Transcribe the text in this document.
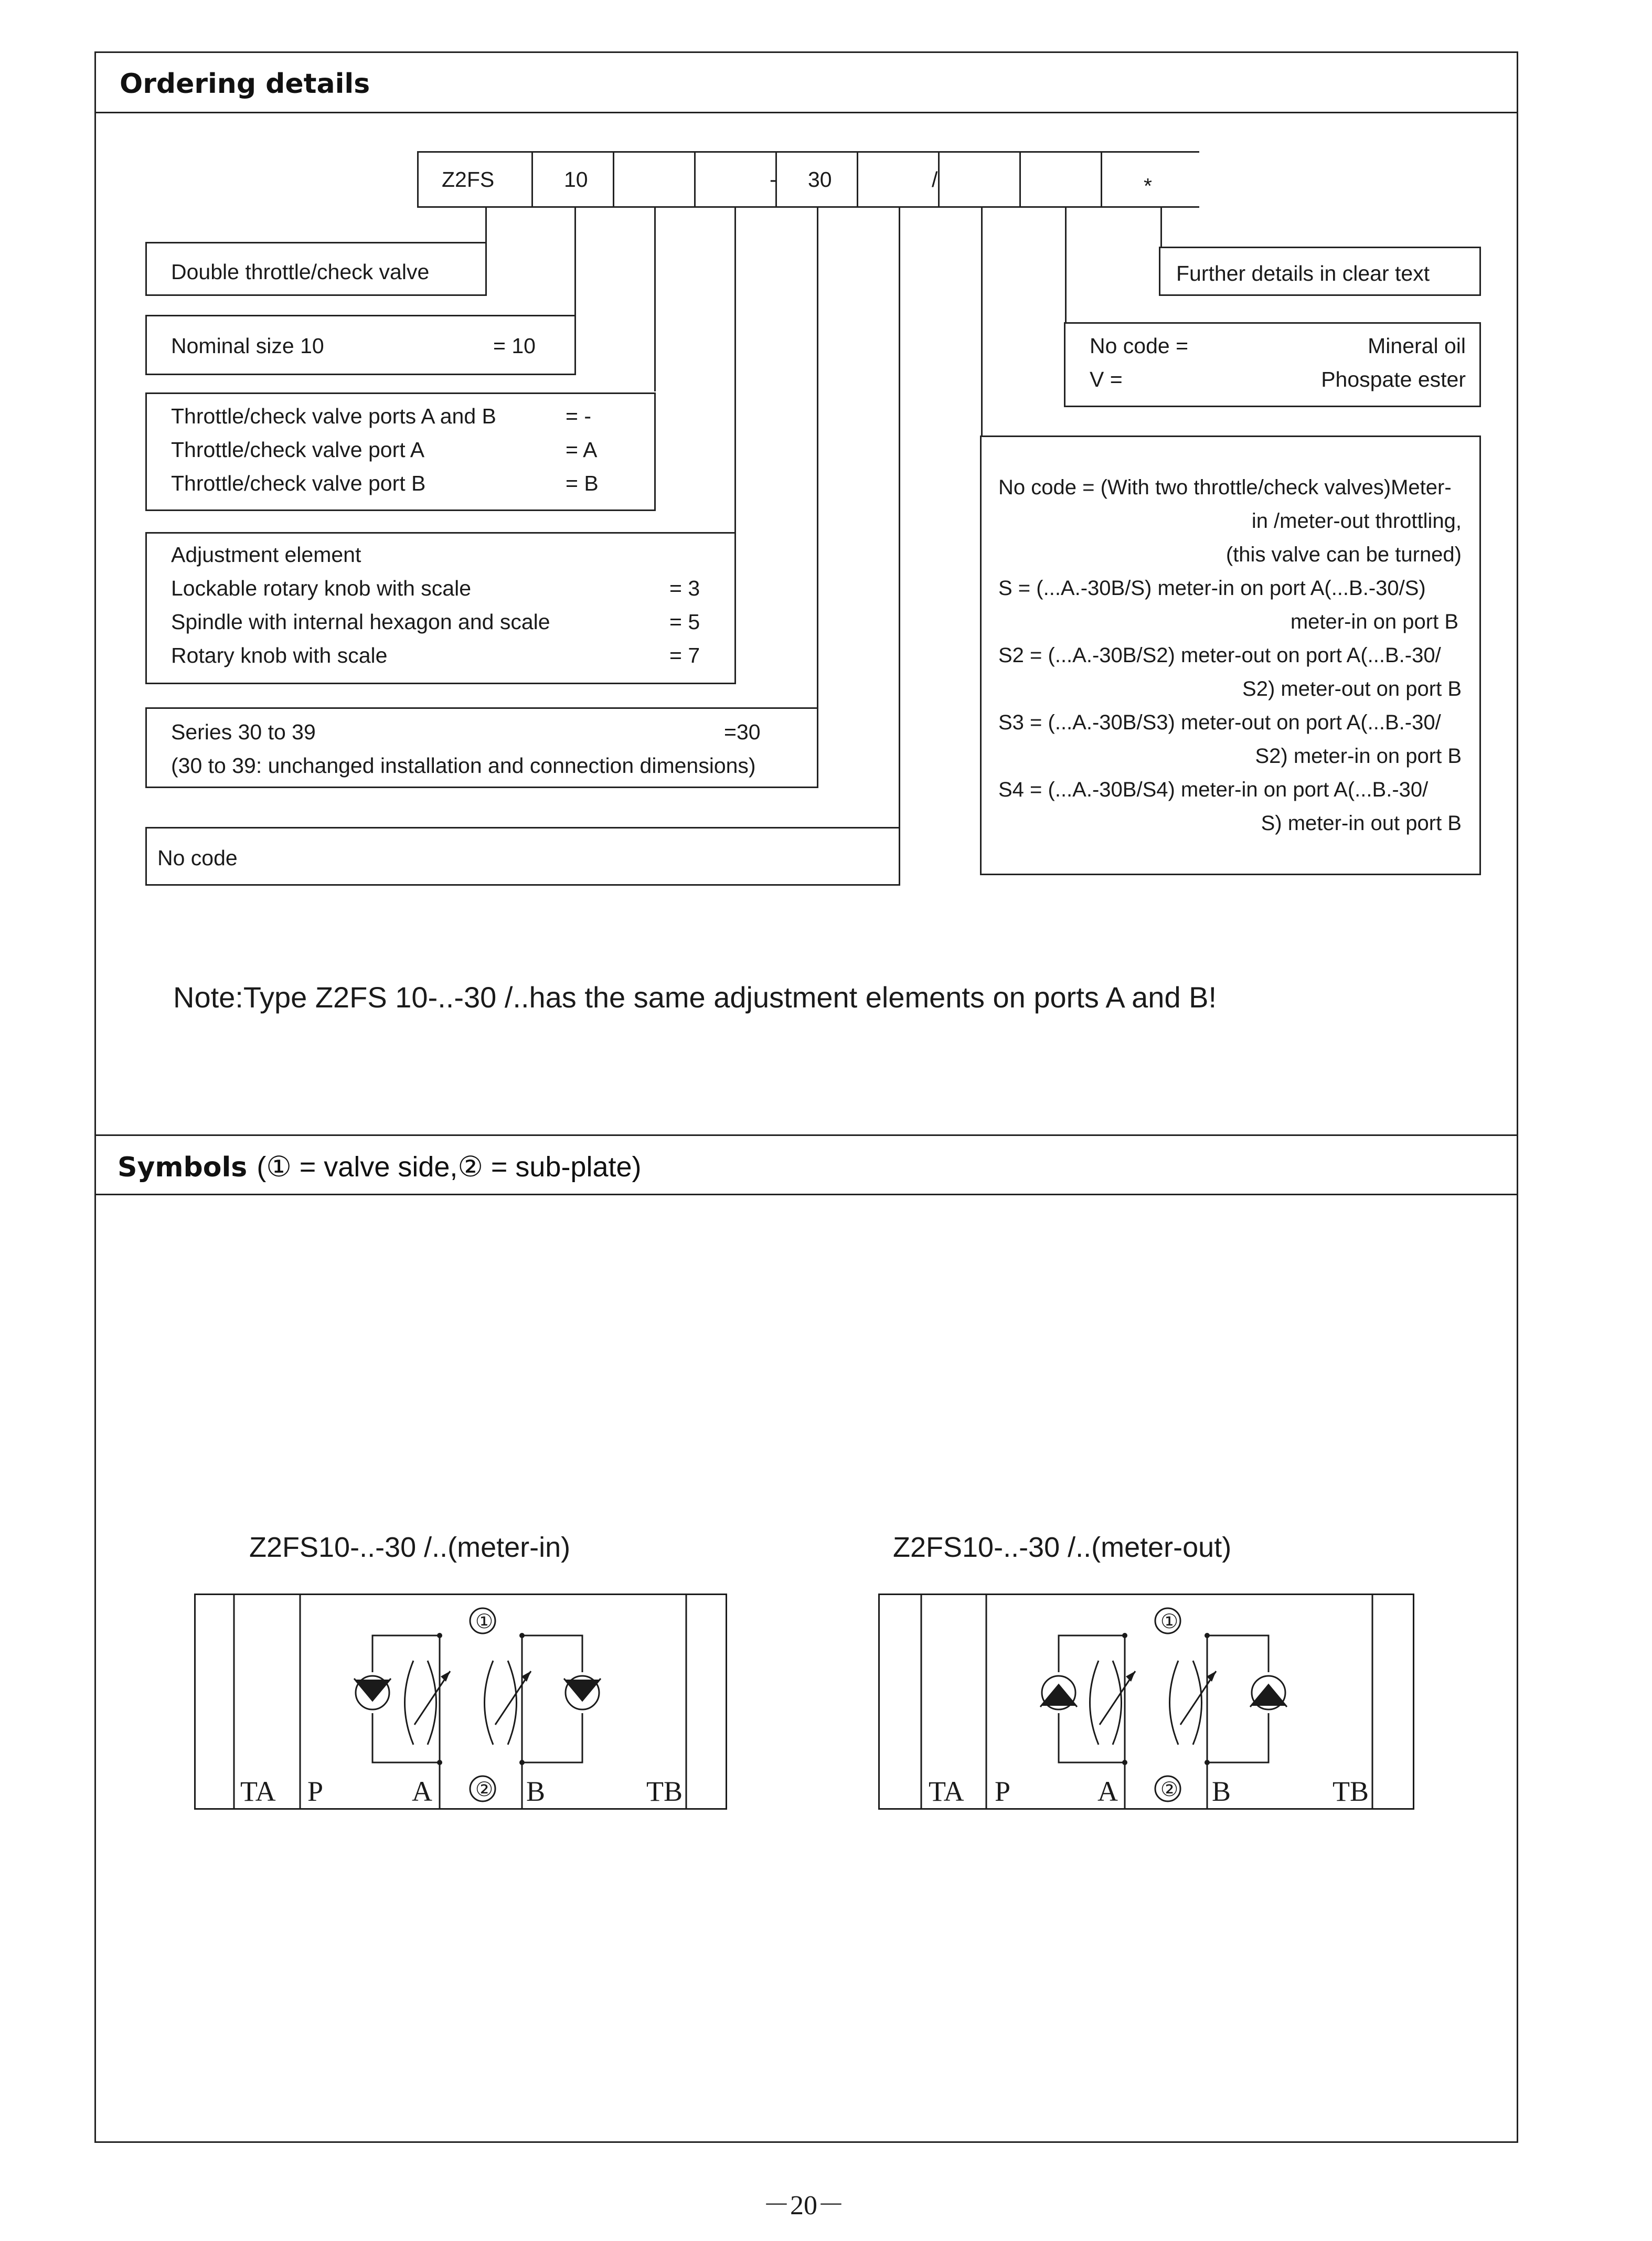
Ordering details
Symbols (① = valve side,② = sub-plate)
Z2FS	10	- 30	/	*
Double throttle/check valve
Nominal size 10	= 10
Throttle/check valve ports A and B	= -
Throttle/check valve port A	= A
Throttle/check valve port B	= B
Adjustment element
Lockable rotary knob with scale	= 3
Spindle with internal hexagon and scale	= 5
Rotary knob with scale	= 7
Series 30 to 39	=30
(30 to 39: unchanged installation and connection dimensions)
No code
Further details in clear text
No code =	Mineral oil
V =	Phospate ester
No code = (With two throttle/check valves)Meter-
in /meter-out throttling,
(this valve can be turned)
S = (...A.-30B/S) meter-in on port A(...B.-30/S)
meter-in on port B
S2 = (...A.-30B/S2) meter-out on port A(...B.-30/
S2) meter-out on port B
S3 = (...A.-30B/S3) meter-out on port A(...B.-30/
S2) meter-in on port B
S4 = (...A.-30B/S4) meter-in on port A(...B.-30/
S) meter-in out port B
Note:Type Z2FS 10-..-30 /..has the same adjustment elements on ports A and B!
Z2FS10-..-30 /..(meter-in)	Z2FS10-..-30 /..(meter-out)
TA P	A ② B	TB
①
TA P	A ② B	TB
①
－20－
